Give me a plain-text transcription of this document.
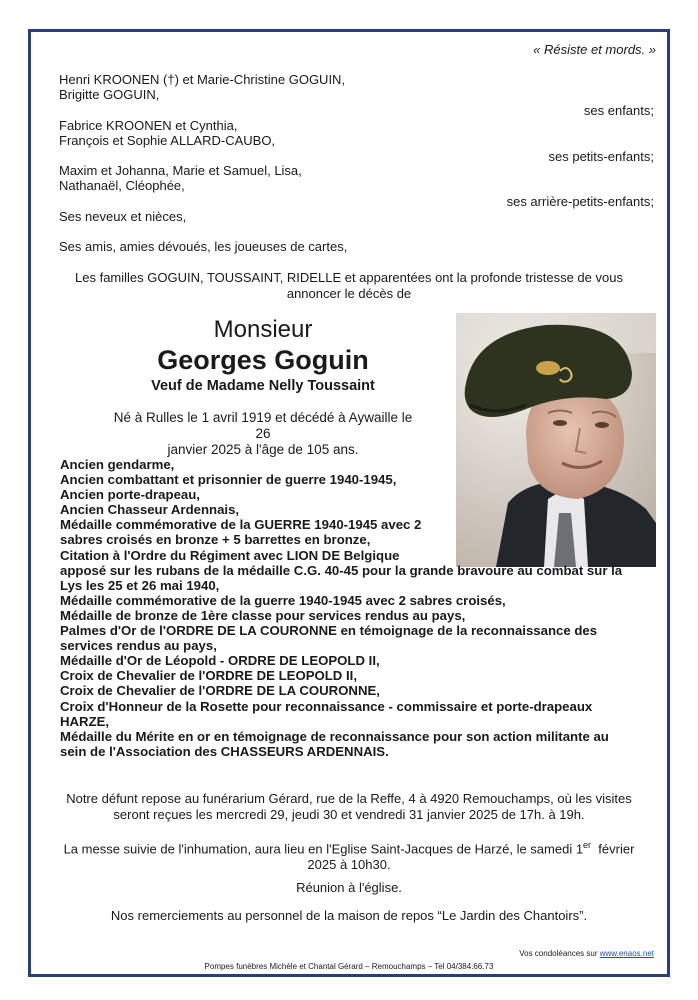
« Résiste et mords. »
Henri KROONEN (†) et Marie-Christine GOGUIN,
Brigitte GOGUIN,
ses enfants;
Fabrice KROONEN et Cynthia,
François et Sophie ALLARD-CAUBO,
ses petits-enfants;
Maxim et Johanna, Marie et Samuel, Lisa,
Nathanaël, Cléophée,
ses arrière-petits-enfants;
Ses neveux et nièces,
Ses amis, amies dévoués, les joueuses de cartes,
Les familles GOGUIN, TOUSSAINT, RIDELLE et apparentées ont la profonde tristesse de vous
annoncer le décès de
Monsieur
Georges Goguin
Veuf de Madame Nelly Toussaint
Né à Rulles le 1 avril 1919 et décédé à Aywaille le 26
janvier 2025 à l'âge de 105 ans.
Ancien gendarme,
Ancien combattant et prisonnier de guerre 1940-1945,
Ancien porte-drapeau,
Ancien Chasseur Ardennais,
Médaille commémorative de la GUERRE 1940-1945 avec 2
sabres croisés en bronze + 5 barrettes en bronze,
Citation à l'Ordre du Régiment avec LION DE Belgique
apposé sur les rubans de la médaille C.G. 40-45 pour la grande bravoure au combat sur la
Lys les 25 et 26 mai 1940,
Médaille commémorative de la guerre 1940-1945 avec 2 sabres croisés,
Médaille de bronze de 1ère classe pour services rendus au pays,
Palmes d'Or de l'ORDRE DE LA COURONNE en témoignage de la reconnaissance des
services rendus au pays,
Médaille d'Or de Léopold - ORDRE DE LEOPOLD II,
Croix de Chevalier de l'ORDRE DE LEOPOLD II,
Croix de Chevalier de l'ORDRE DE LA COURONNE,
Croix d'Honneur de la Rosette pour reconnaissance - commissaire et porte-drapeaux
HARZE,
Médaille du Mérite en or en témoignage de reconnaissance pour son action militante au
sein de l'Association des CHASSEURS ARDENNAIS.
Notre défunt repose au funérarium Gérard, rue de la Reffe, 4 à 4920 Remouchamps, où les visites
seront reçues les mercredi 29, jeudi 30 et vendredi 31 janvier 2025 de 17h. à 19h.
La messe suivie de l'inhumation, aura lieu en l'Eglise Saint-Jacques de Harzé, le samedi 1er  février
2025 à 10h30.
Réunion à l'église.
Nos remerciements au personnel de la maison de repos “Le Jardin des Chantoirs”.
Vos condoléances sur www.enaos.net
Pompes funèbres Michèle et Chantal Gérard – Remouchamps – Tel 04/384.66.73
